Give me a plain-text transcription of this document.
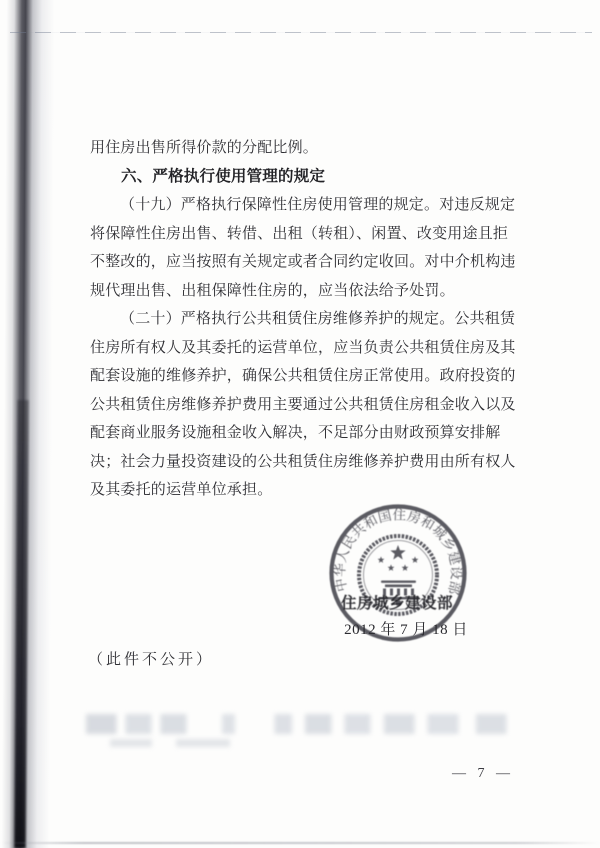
用住房出售所得价款的分配比例。

六、严格执行使用管理的规定

（十九）严格执行保障性住房使用管理的规定。对违反规定将保障性住房出售、转借、出租（转租）、闲置、改变用途且拒不整改的，应当按照有关规定或者合同约定收回。对中介机构违规代理出售、出租保障性住房的，应当依法给予处罚。

（二十）严格执行公共租赁住房维修养护的规定。公共租赁住房所有权人及其委托的运营单位，应当负责公共租赁住房及其配套设施的维修养护，确保公共租赁住房正常使用。政府投资的公共租赁住房维修养护费用主要通过公共租赁住房租金收入以及配套商业服务设施租金收入解决，不足部分由财政预算安排解决；社会力量投资建设的公共租赁住房维修养护费用由所有权人及其委托的运营单位承担。

中华人民共和国住房和城乡建设部
住房城乡建设部
2012 年 7 月 18 日
（此件不公开）
— 7 —
